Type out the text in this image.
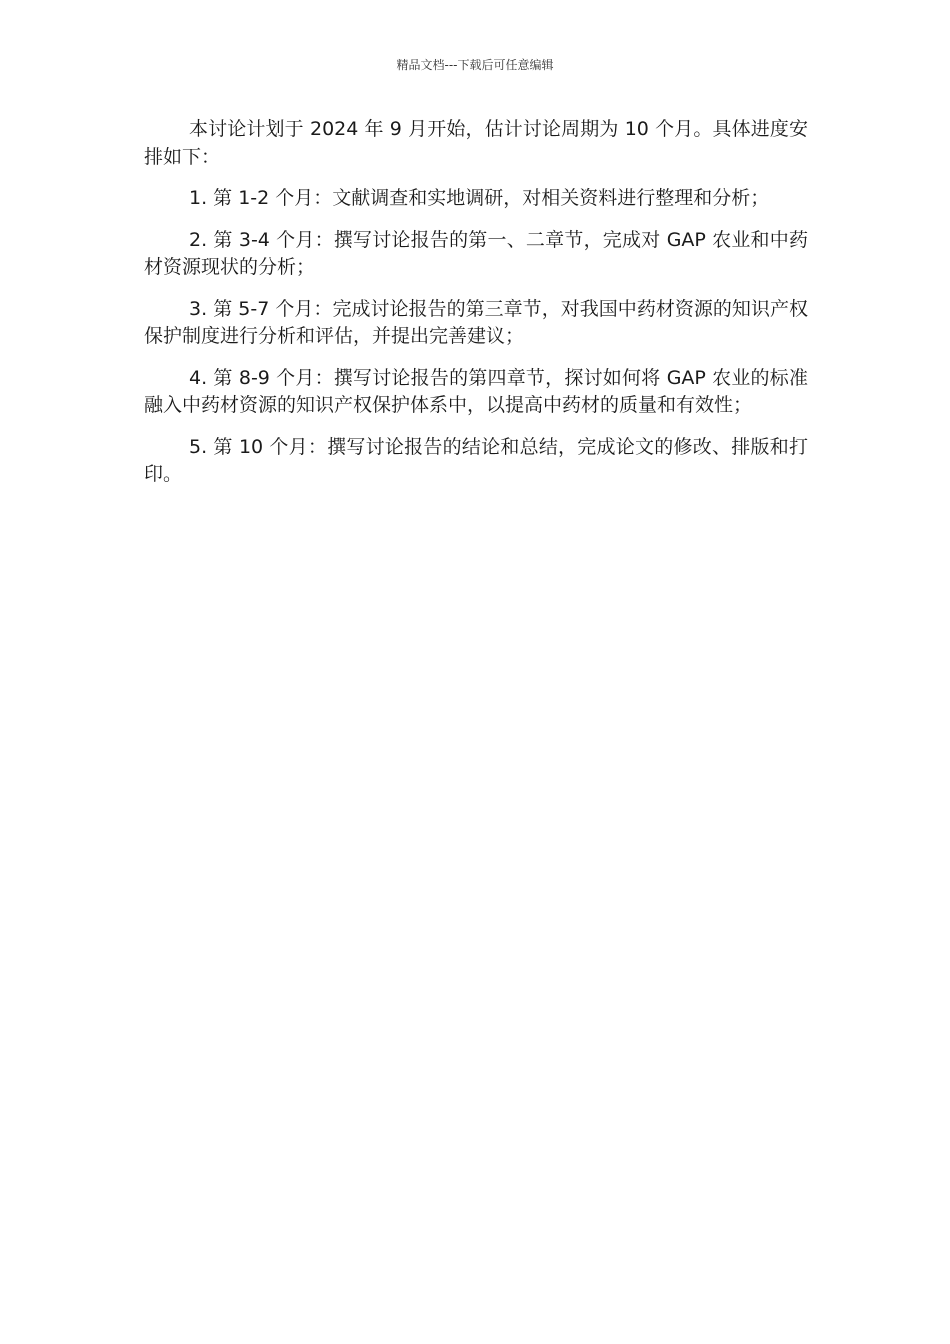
精品文档---下载后可任意编辑

本讨论计划于 2024 年 9 月开始，估计讨论周期为 10 个月。具体进度安排如下：

1. 第 1-2 个月：文献调查和实地调研，对相关资料进行整理和分析；

2. 第 3-4 个月：撰写讨论报告的第一、二章节，完成对 GAP 农业和中药材资源现状的分析；

3. 第 5-7 个月：完成讨论报告的第三章节，对我国中药材资源的知识产权保护制度进行分析和评估，并提出完善建议；

4. 第 8-9 个月：撰写讨论报告的第四章节，探讨如何将 GAP 农业的标准融入中药材资源的知识产权保护体系中，以提高中药材的质量和有效性；

5. 第 10 个月：撰写讨论报告的结论和总结，完成论文的修改、排版和打印。
